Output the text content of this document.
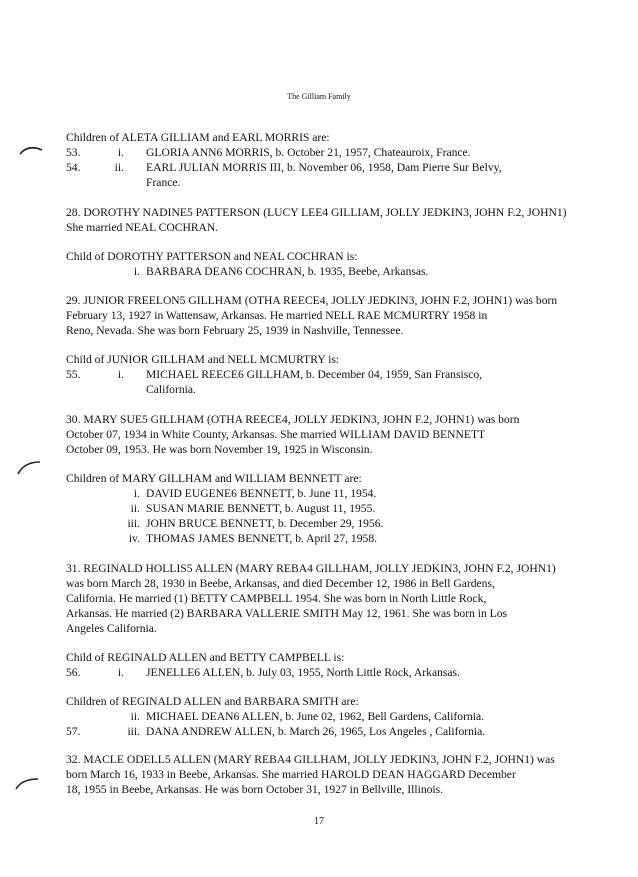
The Gilliam Family
Children of ALETA GILLIAM and EARL MORRIS are:
53.	i. GLORIA ANN6 MORRIS, b. October 21, 1957, Chateauroix, France.
54.	ii. EARL JULIAN MORRIS III, b. November 06, 1958, Dam Pierre Sur Belvy,
France.
28. DOROTHY NADINE5 PATTERSON (LUCY LEE4 GILLIAM, JOLLY JEDKIN3, JOHN F.2, JOHN1)
She married NEAL COCHRAN.
Child of DOROTHY PATTERSON and NEAL COCHRAN is:
i. BARBARA DEAN6 COCHRAN, b. 1935, Beebe, Arkansas.
29. JUNIOR FREELON5 GILLHAM (OTHA REECE4, JOLLY JEDKIN3, JOHN F.2, JOHN1) was born
February 13, 1927 in Wattensaw, Arkansas. He married NELL RAE MCMURTRY 1958 in
Reno, Nevada. She was born February 25, 1939 in Nashville, Tennessee.
Child of JUNIOR GILLHAM and NELL MCMURTRY is:
55.	i. MICHAEL REECE6 GILLHAM, b. December 04, 1959, San Fransisco,
California.
30. MARY SUE5 GILLHAM (OTHA REECE4, JOLLY JEDKIN3, JOHN F.2, JOHN1) was born
October 07, 1934 in White County, Arkansas. She married WILLIAM DAVID BENNETT
October 09, 1953. He was born November 19, 1925 in Wisconsin.
Children of MARY GILLHAM and WILLIAM BENNETT are:
i. DAVID EUGENE6 BENNETT, b. June 11, 1954.
ii. SUSAN MARIE BENNETT, b. August 11, 1955.
iii. JOHN BRUCE BENNETT, b. December 29, 1956.
iv. THOMAS JAMES BENNETT, b. April 27, 1958.
31. REGINALD HOLLIS5 ALLEN (MARY REBA4 GILLHAM, JOLLY JEDKIN3, JOHN F.2, JOHN1)
was born March 28, 1930 in Beebe, Arkansas, and died December 12, 1986 in Bell Gardens,
California. He married (1) BETTY CAMPBELL 1954. She was born in North Little Rock,
Arkansas. He married (2) BARBARA VALLERIE SMITH May 12, 1961. She was born in Los
Angeles California.
Child of REGINALD ALLEN and BETTY CAMPBELL is:
56.	i. JENELLE6 ALLEN, b. July 03, 1955, North Little Rock, Arkansas.
Children of REGINALD ALLEN and BARBARA SMITH are:
ii. MICHAEL DEAN6 ALLEN, b. June 02, 1962, Bell Gardens, California.
57.	iii. DANA ANDREW ALLEN, b. March 26, 1965, Los Angeles , California.
32. MACLE ODELL5 ALLEN (MARY REBA4 GILLHAM, JOLLY JEDKIN3, JOHN F.2, JOHN1) was
born March 16, 1933 in Beebe, Arkansas. She married HAROLD DEAN HAGGARD December
18, 1955 in Beebe, Arkansas. He was born October 31, 1927 in Bellville, Illinois.
17
